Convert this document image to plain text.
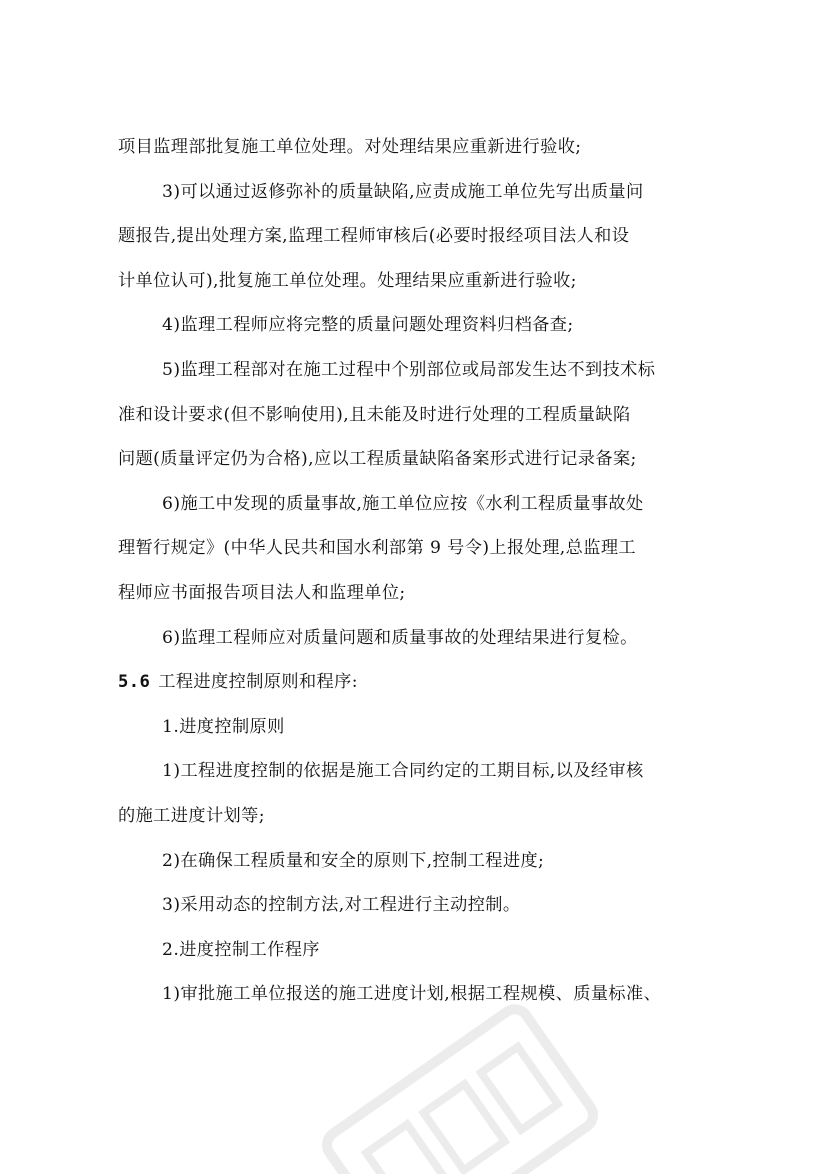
项目监理部批复施工单位处理。对处理结果应重新进行验收;
3)可以通过返修弥补的质量缺陷,应责成施工单位先写出质量问
题报告,提出处理方案,监理工程师审核后(必要时报经项目法人和设
计单位认可),批复施工单位处理。处理结果应重新进行验收;
4)监理工程师应将完整的质量问题处理资料归档备查;
5)监理工程部对在施工过程中个别部位或局部发生达不到技术标
准和设计要求(但不影响使用),且未能及时进行处理的工程质量缺陷
问题(质量评定仍为合格),应以工程质量缺陷备案形式进行记录备案;
6)施工中发现的质量事故,施工单位应按《水利工程质量事故处
理暂行规定》(中华人民共和国水利部第 9 号令)上报处理,总监理工
程师应书面报告项目法人和监理单位;
6)监理工程师应对质量问题和质量事故的处理结果进行复检。
5.6 工程进度控制原则和程序:
1.进度控制原则
1)工程进度控制的依据是施工合同约定的工期目标,以及经审核
的施工进度计划等;
2)在确保工程质量和安全的原则下,控制工程进度;
3)采用动态的控制方法,对工程进行主动控制。
2.进度控制工作程序
1)审批施工单位报送的施工进度计划,根据工程规模、质量标准、
